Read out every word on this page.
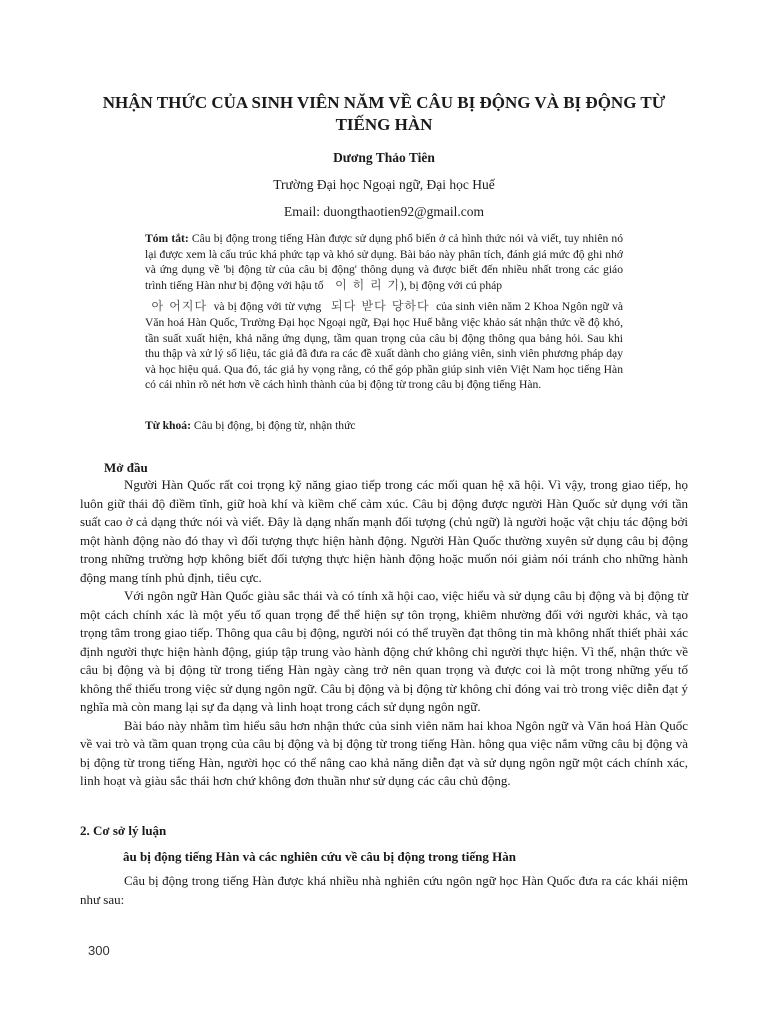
NHẬN THỨC CỦA SINH VIÊN NĂM VỀ CÂU BỊ ĐỘNG VÀ BỊ ĐỘNG TỪ TIẾNG HÀN
Dương Thảo Tiên
Trường Đại học Ngoại ngữ, Đại học Huế
Email: duongthaotien92@gmail.com

Tóm tắt: Câu bị động trong tiếng Hàn được sử dụng phổ biến ở cả hình thức nói và viết, tuy nhiên nó lại được xem là cấu trúc khá phức tạp và khó sử dụng. Bài báo này phân tích, đánh giá mức độ ghi nhớ và ứng dụng về 'bị động từ của câu bị động' thông dụng và được biết đến nhiều nhất trong các giáo trình tiếng Hàn như bị động với hậu tố 이 히 리 기), bị động với cú pháp
아 어지다 và bị động với từ vựng 되다 받다 당하다 của sinh viên năm 2 Khoa Ngôn ngữ và Văn hoá Hàn Quốc, Trường Đại học Ngoại ngữ, Đại học Huế bằng việc khảo sát nhận thức về độ khó, tần suất xuất hiện, khả năng ứng dụng, tầm quan trọng của câu bị động thông qua bảng hỏi. Sau khi thu thập và xử lý số liệu, tác giả đã đưa ra các đề xuất dành cho giảng viên, sinh viên phương pháp dạy và học hiệu quả. Qua đó, tác giả hy vọng rằng, có thể góp phần giúp sinh viên Việt Nam học tiếng Hàn có cái nhìn rõ nét hơn về cách hình thành của bị động từ trong câu bị động tiếng Hàn.

Từ khoá: Câu bị động, bị động từ, nhận thức
Mở đầu

Người Hàn Quốc rất coi trọng kỹ năng giao tiếp trong các mối quan hệ xã hội. Vì vậy, trong giao tiếp, họ luôn giữ thái độ điềm tĩnh, giữ hoà khí và kiềm chế cảm xúc. Câu bị động được người Hàn Quốc sử dụng với tần suất cao ở cả dạng thức nói và viết. Đây là dạng nhấn mạnh đối tượng (chủ ngữ) là người hoặc vật chịu tác động bởi một hành động nào đó thay vì đối tượng thực hiện hành động. Người Hàn Quốc thường xuyên sử dụng câu bị động trong những trường hợp không biết đối tượng thực hiện hành động hoặc muốn nói giảm nói tránh cho những hành động mang tính phủ định, tiêu cực.

Với ngôn ngữ Hàn Quốc giàu sắc thái và có tính xã hội cao, việc hiểu và sử dụng câu bị động và bị động từ một cách chính xác là một yếu tố quan trọng để thể hiện sự tôn trọng, khiêm nhường đối với người khác, và tạo trọng tâm trong giao tiếp. Thông qua câu bị động, người nói có thể truyền đạt thông tin mà không nhất thiết phải xác định người thực hiện hành động, giúp tập trung vào hành động chứ không chỉ người thực hiện. Vì thế, nhận thức về câu bị động và bị động từ trong tiếng Hàn ngày càng trở nên quan trọng và được coi là một trong những yếu tố không thể thiếu trong việc sử dụng ngôn ngữ. Câu bị động và bị động từ không chỉ đóng vai trò trong việc diễn đạt ý nghĩa mà còn mang lại sự đa dạng và linh hoạt trong cách sử dụng ngôn ngữ.

Bài báo này nhằm tìm hiểu sâu hơn nhận thức của sinh viên năm hai khoa Ngôn ngữ và Văn hoá Hàn Quốc về vai trò và tầm quan trọng của câu bị động và bị động từ trong tiếng Hàn. hông qua việc nắm vững câu bị động và bị động từ trong tiếng Hàn, người học có thể nâng cao khả năng diễn đạt và sử dụng ngôn ngữ một cách chính xác, linh hoạt và giàu sắc thái hơn chứ không đơn thuần như sử dụng các câu chủ động.

2. Cơ sở lý luận
âu bị động tiếng Hàn và các nghiên cứu về câu bị động trong tiếng Hàn

Câu bị động trong tiếng Hàn được khá nhiều nhà nghiên cứu ngôn ngữ học Hàn Quốc đưa ra các khái niệm như sau:

300
